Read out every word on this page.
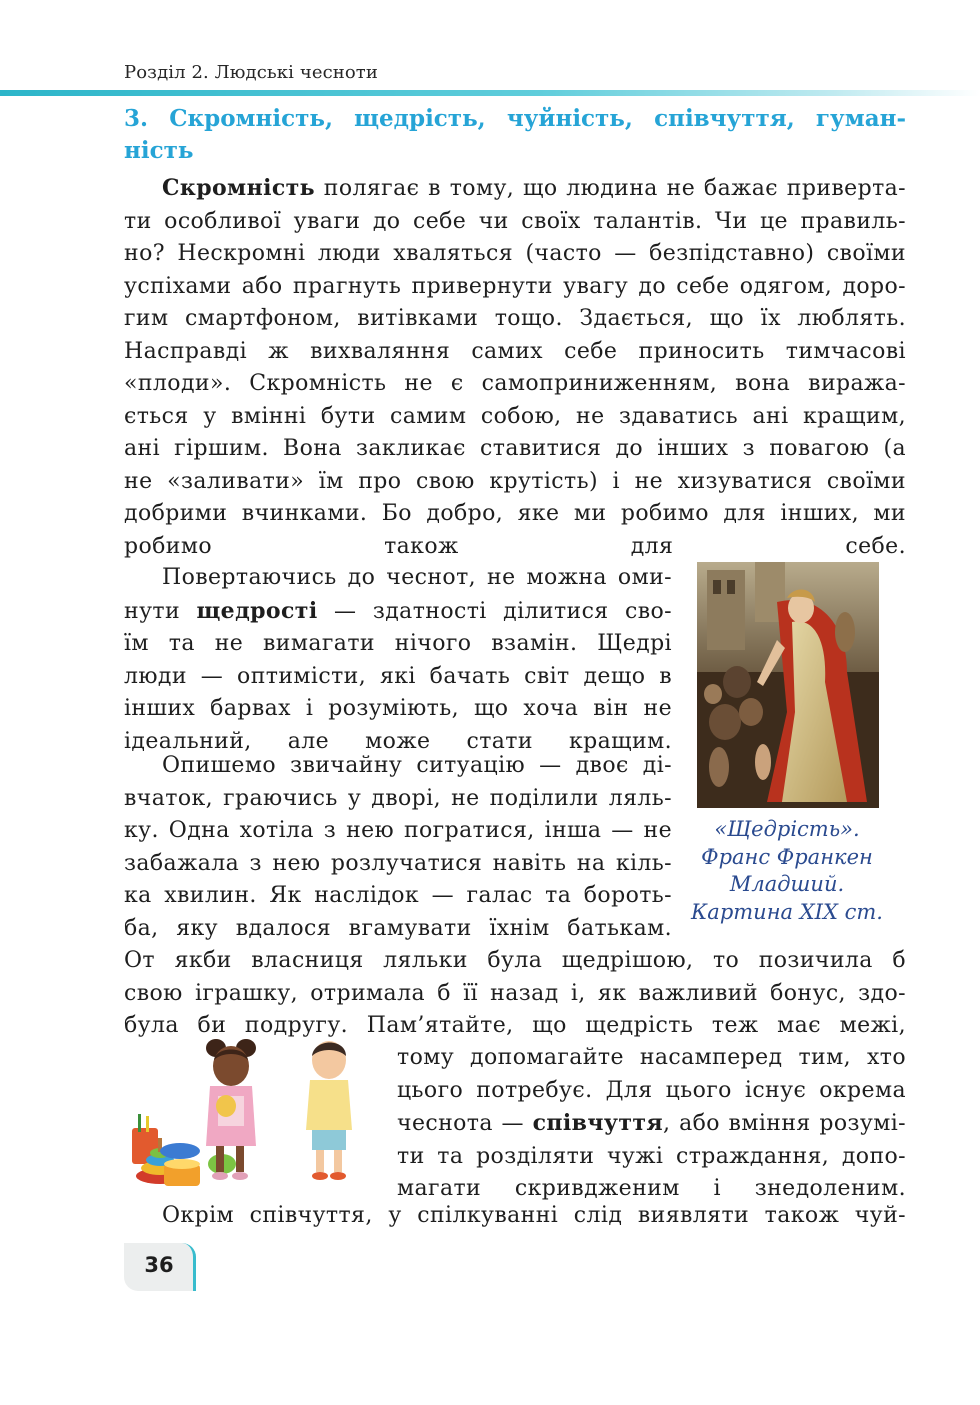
Розділ 2. Людські чесноти
3. Скромність, щедрість, чуйність, співчуття, гуман-
ність
Скромність полягає в тому, що людина не бажає приверта-
ти особливої уваги до себе чи своїх талантів. Чи це правиль-
но? Нескромні люди хваляться (часто — безпідставно) своїми
успіхами або прагнуть привернути увагу до себе одягом, доро-
гим смартфоном, витівками тощо. Здається, що їх люблять.
Насправді ж вихваляння самих себе приносить тимчасові
«плоди». Скромність не є самоприниженням, вона виража-
ється у вмінні бути самим собою, не здаватись ані кращим,
ані гіршим. Вона закликає ставитися до інших з повагою (а
не «заливати» їм про свою крутість) і не хизуватися своїми
добрими вчинками. Бо добро, яке ми робимо для інших, ми
робимо також для себе.
Повертаючись до чеснот, не можна оми-
нути щедрості — здатності ділитися сво-
їм та не вимагати нічого взамін. Щедрі
люди — оптимісти, які бачать світ дещо в
інших барвах і розуміють, що хоча він не
ідеальний, але може стати кращим.
Опишемо звичайну ситуацію — двоє ді-
вчаток, граючись у дворі, не поділили ляль-
ку. Одна хотіла з нею погратися, інша — не
забажала з нею розлучатися навіть на кіль-
ка хвилин. Як наслідок — галас та бороть-
ба, яку вдалося вгамувати їхнім батькам.
От якби власниця ляльки була щедрішою, то позичила б
свою іграшку, отримала б її назад і, як важливий бонус, здо-
була би подругу. Пам’ятайте, що щедрість теж має межі,
тому допомагайте насамперед тим, хто
цього потребує. Для цього існує окрема
чеснота — співчуття, або вміння розумі-
ти та розділяти чужі страждання, допо-
магати скривдженим і знедоленим.
Окрім співчуття, у спілкуванні слід виявляти також чуй-
«Щедрість».
Франс Франкен
Младший.
Картина XIX ст.
36
